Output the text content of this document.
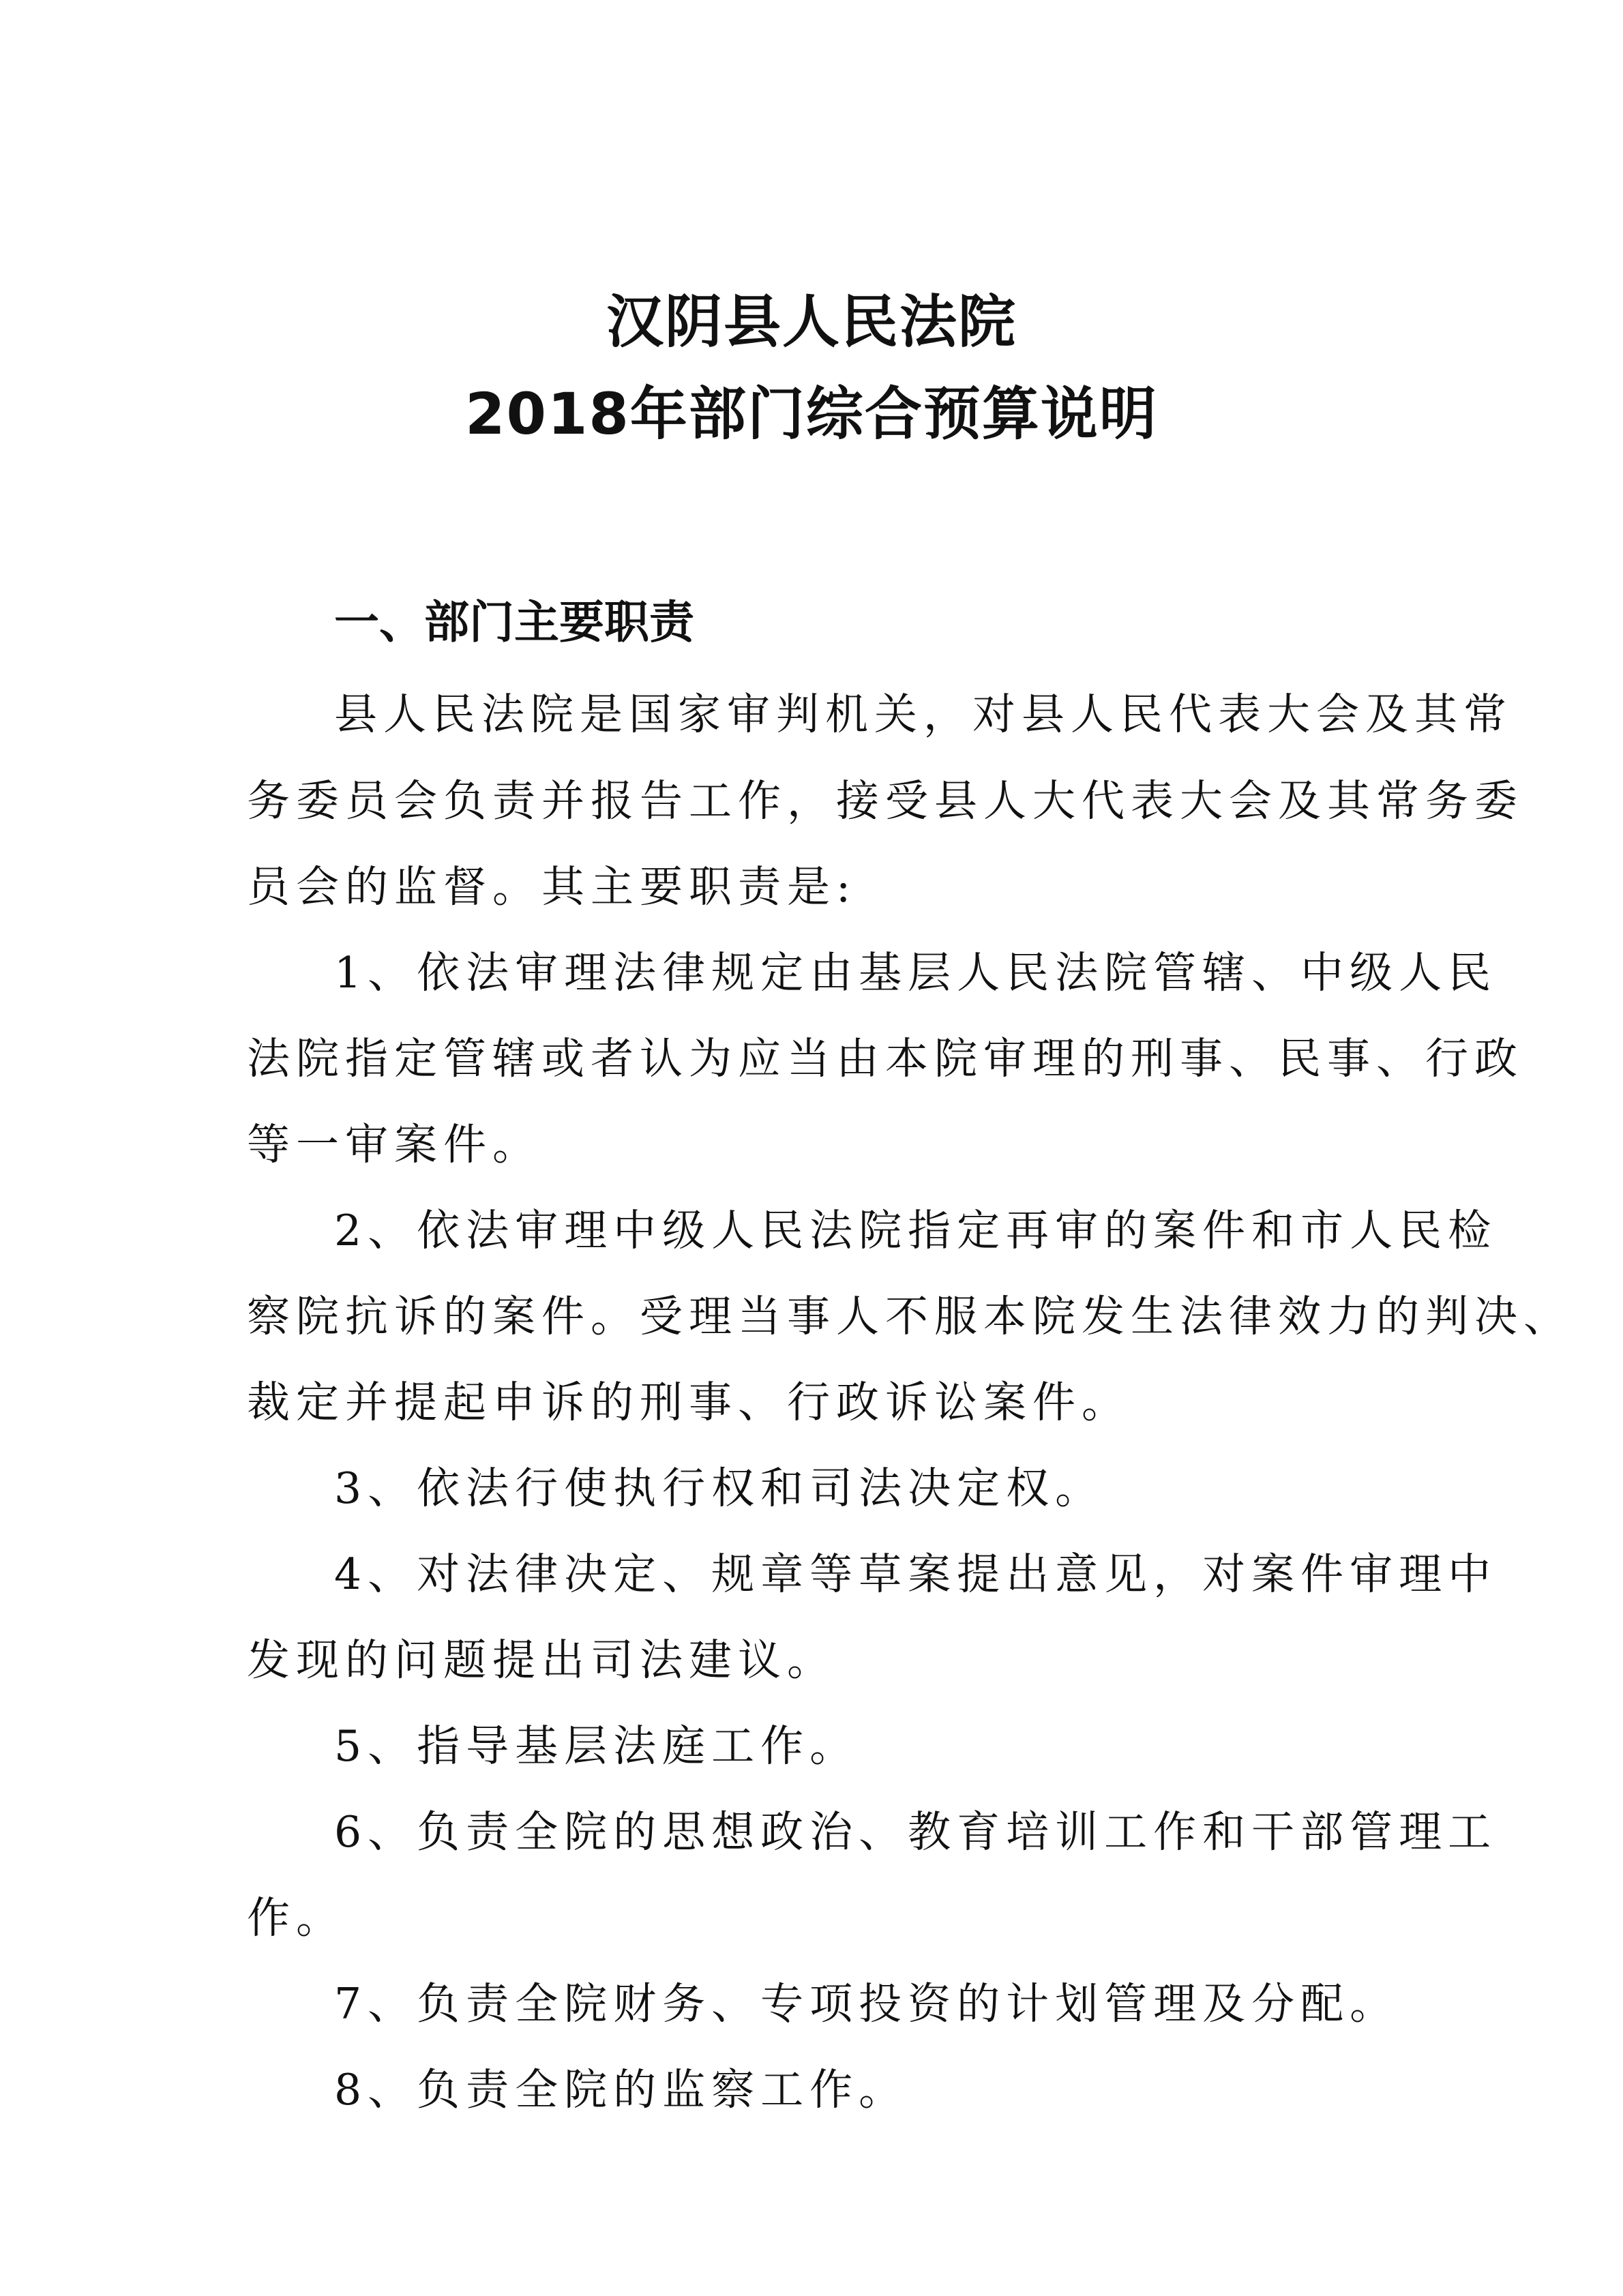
汉阴县人民法院
2018年部门综合预算说明
一、部门主要职责
县人民法院是国家审判机关，对县人民代表大会及其常
务委员会负责并报告工作，接受县人大代表大会及其常务委
员会的监督。其主要职责是:
1、依法审理法律规定由基层人民法院管辖、中级人民
法院指定管辖或者认为应当由本院审理的刑事、民事、行政
等一审案件。
2、依法审理中级人民法院指定再审的案件和市人民检
察院抗诉的案件。受理当事人不服本院发生法律效力的判决、
裁定并提起申诉的刑事、行政诉讼案件。
3、依法行使执行权和司法决定权。
4、对法律决定、规章等草案提出意见，对案件审理中
发现的问题提出司法建议。
5、指导基层法庭工作。
6、负责全院的思想政治、教育培训工作和干部管理工
作。
7、负责全院财务、专项投资的计划管理及分配。
8、负责全院的监察工作。
